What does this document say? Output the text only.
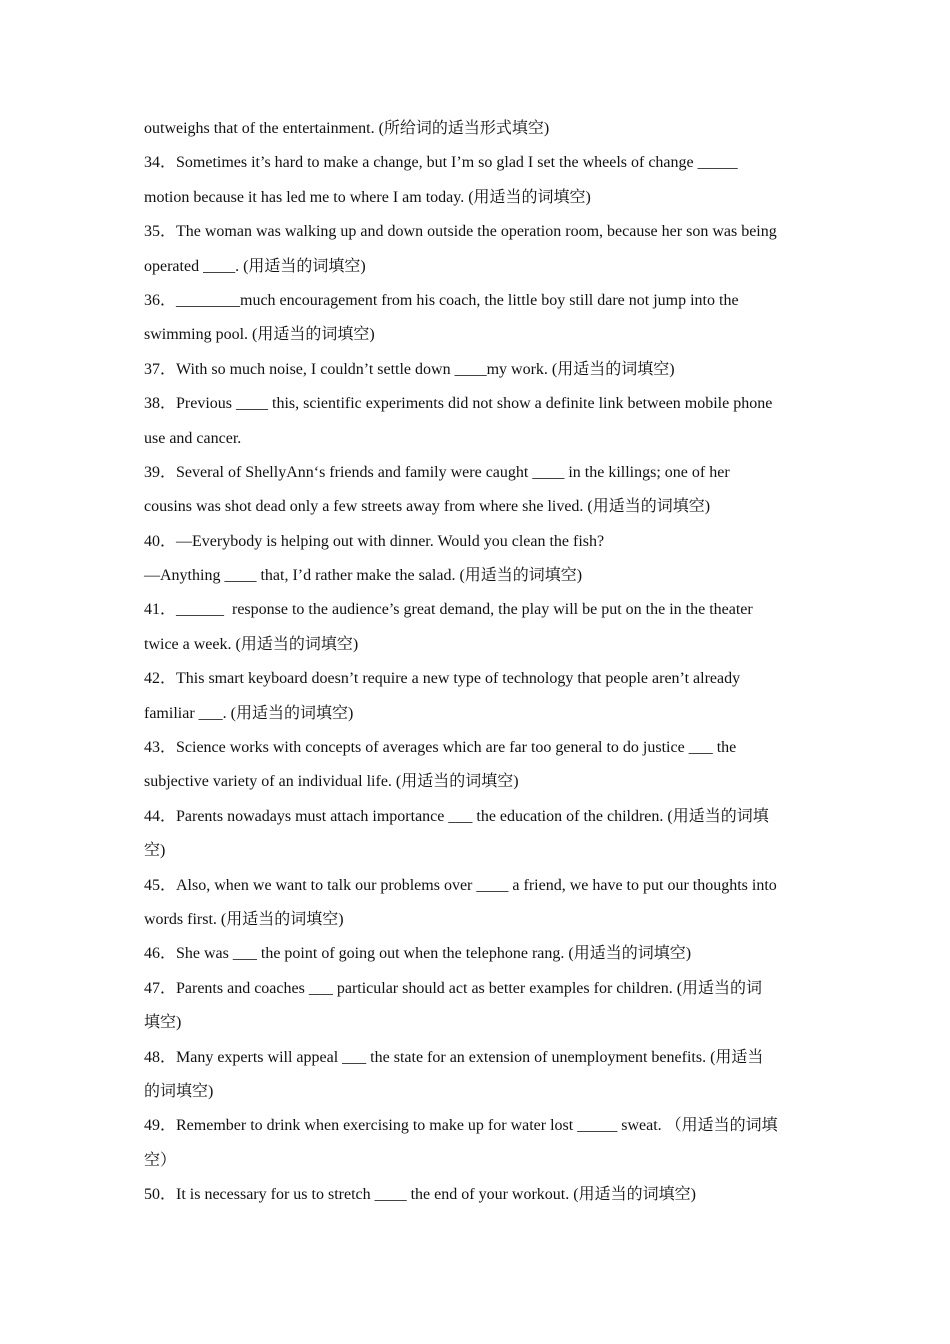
outweighs that of the entertainment. (所给词的适当形式填空)
34．Sometimes it’s hard to make a change, but I’m so glad I set the wheels of change _____
motion because it has led me to where I am today. (用适当的词填空)
35．The woman was walking up and down outside the operation room, because her son was being
operated ____. (用适当的词填空)
36．________much encouragement from his coach, the little boy still dare not jump into the
swimming pool. (用适当的词填空)
37．With so much noise, I couldn’t settle down ____my work. (用适当的词填空)
38．Previous ____ this, scientific experiments did not show a definite link between mobile phone
use and cancer.
39．Several of ShellyAnn‘s friends and family were caught ____ in the killings; one of her
cousins was shot dead only a few streets away from where she lived. (用适当的词填空)
40．—Everybody is helping out with dinner. Would you clean the fish?
—Anything ____ that, I’d rather make the salad. (用适当的词填空)
41．______  response to the audience’s great demand, the play will be put on the in the theater
twice a week. (用适当的词填空)
42．This smart keyboard doesn’t require a new type of technology that people aren’t already
familiar ___. (用适当的词填空)
43．Science works with concepts of averages which are far too general to do justice ___ the
subjective variety of an individual life. (用适当的词填空)
44．Parents nowadays must attach importance ___ the education of the children. (用适当的词填
空)
45．Also, when we want to talk our problems over ____ a friend, we have to put our thoughts into
words first. (用适当的词填空)
46．She was ___ the point of going out when the telephone rang. (用适当的词填空)
47．Parents and coaches ___ particular should act as better examples for children. (用适当的词
填空)
48．Many experts will appeal ___ the state for an extension of unemployment benefits. (用适当
的词填空)
49．Remember to drink when exercising to make up for water lost _____ sweat. （用适当的词填
空）
50．It is necessary for us to stretch ____ the end of your workout. (用适当的词填空)
